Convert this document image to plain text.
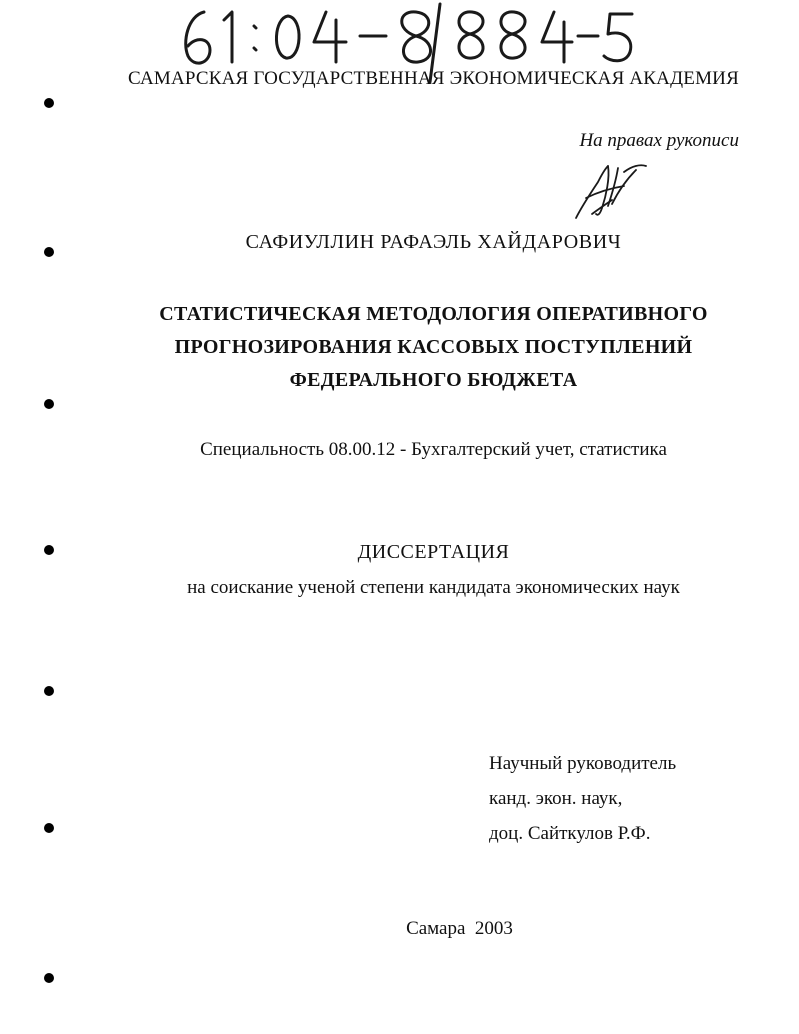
САМАРСКАЯ ГОСУДАРСТВЕННАЯ ЭКОНОМИЧЕСКАЯ АКАДЕМИЯ
На правах рукописи
САФИУЛЛИН РАФАЭЛЬ ХАЙДАРОВИЧ
СТАТИСТИЧЕСКАЯ МЕТОДОЛОГИЯ ОПЕРАТИВНОГО
ПРОГНОЗИРОВАНИЯ КАССОВЫХ ПОСТУПЛЕНИЙ
ФЕДЕРАЛЬНОГО БЮДЖЕТА
Специальность 08.00.12 - Бухгалтерский учет, статистика
ДИССЕРТАЦИЯ
на соискание ученой степени кандидата экономических наук
Научный руководитель
канд. экон. наук,
доц. Сайткулов Р.Ф.
Самара  2003
